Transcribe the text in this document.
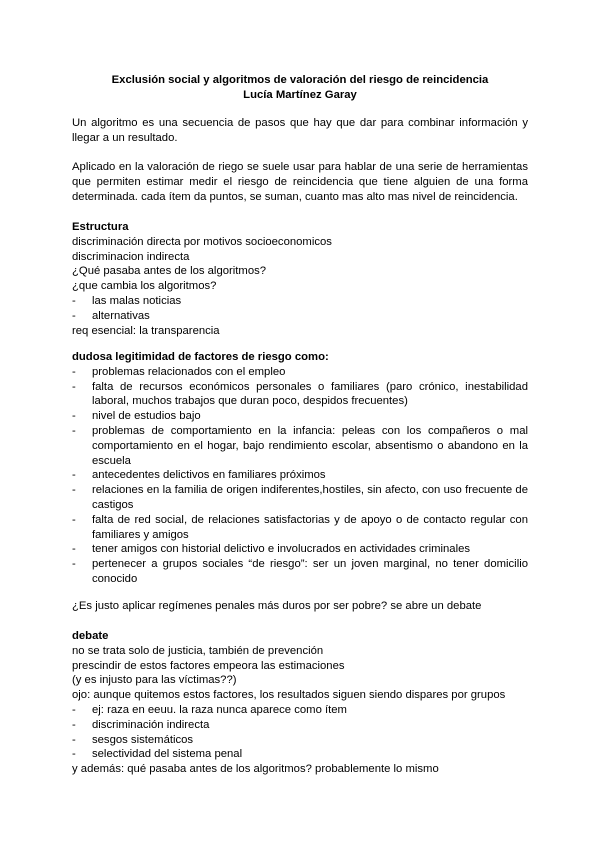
Exclusión social y algoritmos de valoración del riesgo de reincidencia
Lucía Martínez Garay
Un algoritmo es una secuencia de pasos que hay que dar para combinar información y llegar a un resultado.
Aplicado en la valoración de riego se suele usar para hablar de una serie de herramientas que permiten estimar medir el riesgo de reincidencia que tiene alguien de una forma determinada. cada ítem da puntos, se suman, cuanto mas alto mas nivel de reincidencia.
Estructura
discriminación directa por motivos socioeconomicos
discriminacion indirecta
¿Qué pasaba antes de los algoritmos?
¿que cambia los algoritmos?
- las malas noticias
- alternativas
req esencial: la transparencia
dudosa legitimidad de factores de riesgo como:
- problemas relacionados con el empleo
- falta de recursos económicos personales o familiares (paro crónico, inestabilidad laboral, muchos trabajos que duran poco, despidos frecuentes)
- nivel de estudios bajo
- problemas de comportamiento en la infancia: peleas con los compañeros o mal comportamiento en el hogar, bajo rendimiento escolar, absentismo o abandono en la escuela
- antecedentes delictivos en familiares próximos
- relaciones en la familia de origen indiferentes,hostiles, sin afecto, con uso frecuente de castigos
- falta de red social, de relaciones satisfactorias y de apoyo o de contacto regular con familiares y amigos
- tener amigos con historial delictivo e involucrados en actividades criminales
- pertenecer a grupos sociales “de riesgo”: ser un joven marginal, no tener domicilio conocido
¿Es justo aplicar regímenes penales más duros por ser pobre? se abre un debate
debate
no se trata solo de justicia, también de prevención
prescindir de estos factores empeora las estimaciones
(y es injusto para las víctimas??)
ojo: aunque quitemos estos factores, los resultados siguen siendo dispares por grupos
- ej: raza en eeuu. la raza nunca aparece como ítem
- discriminación indirecta
- sesgos sistemáticos
- selectividad del sistema penal
y además: qué pasaba antes de los algoritmos? probablemente lo mismo
